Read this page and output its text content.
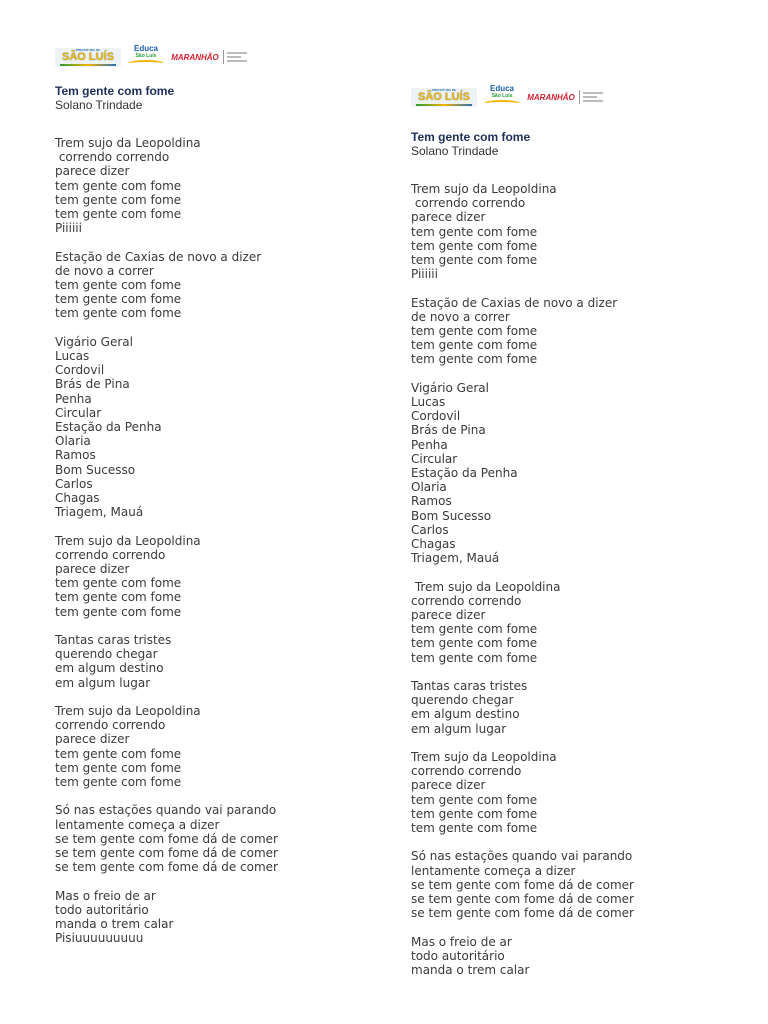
PREFEITURA DE
SÃO LUÍS
Educa
São Luís MARANHÃO

Tem gente com fome

Solano Trindade

Trem sujo da Leopoldina
correndo correndo
parece dizer
tem gente com fome
tem gente com fome
tem gente com fome
Piiiiii
Estação de Caxias de novo a dizer
de novo a correr
tem gente com fome
tem gente com fome
tem gente com fome
Vigário Geral
Lucas
Cordovil
Brás de Pina
Penha
Circular
Estação da Penha
Olaria
Ramos
Bom Sucesso
Carlos
Chagas
Triagem, Mauá
Trem sujo da Leopoldina
correndo correndo
parece dizer
tem gente com fome
tem gente com fome
tem gente com fome
Tantas caras tristes
querendo chegar
em algum destino
em algum lugar
Trem sujo da Leopoldina
correndo correndo
parece dizer
tem gente com fome
tem gente com fome
tem gente com fome
Só nas estações quando vai parando
lentamente começa a dizer
se tem gente com fome dá de comer
se tem gente com fome dá de comer
se tem gente com fome dá de comer
Mas o freio de ar
todo autoritário
manda o trem calar
Pisiuuuuuuuuu
PREFEITURA DE
SÃO LUÍS
Educa
São Luís MARANHÃO

Tem gente com fome

Solano Trindade

Trem sujo da Leopoldina
correndo correndo
parece dizer
tem gente com fome
tem gente com fome
tem gente com fome
Piiiiii
Estação de Caxias de novo a dizer
de novo a correr
tem gente com fome
tem gente com fome
tem gente com fome
Vigário Geral
Lucas
Cordovil
Brás de Pina
Penha
Circular
Estação da Penha
Olaria
Ramos
Bom Sucesso
Carlos
Chagas
Triagem, Mauá
Trem sujo da Leopoldina
correndo correndo
parece dizer
tem gente com fome
tem gente com fome
tem gente com fome
Tantas caras tristes
querendo chegar
em algum destino
em algum lugar
Trem sujo da Leopoldina
correndo correndo
parece dizer
tem gente com fome
tem gente com fome
tem gente com fome
Só nas estações quando vai parando
lentamente começa a dizer
se tem gente com fome dá de comer
se tem gente com fome dá de comer
se tem gente com fome dá de comer
Mas o freio de ar
todo autoritário
manda o trem calar
